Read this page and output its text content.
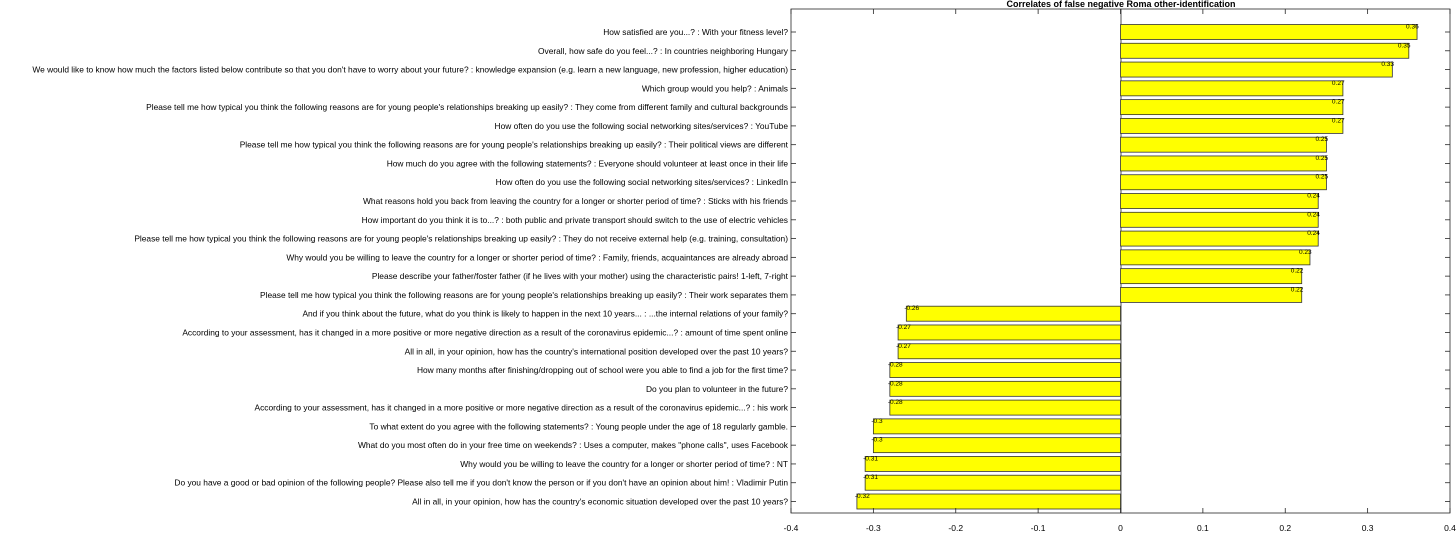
Correlates of false negative Roma other-identification
0.36
How satisfied are you...? : With your fitness level?
0.35
Overall, how safe do you feel...? : In countries neighboring Hungary
0.33
We would like to know how much the factors listed below contribute so that you don't have to worry about your future? : knowledge expansion (e.g. learn a new language, new profession, higher education)
0.27
Which group would you help? : Animals
0.27
Please tell me how typical you think the following reasons are for young people's relationships breaking up easily? : They come from different family and cultural backgrounds
0.27
How often do you use the following social networking sites/services? : YouTube
0.25
Please tell me how typical you think the following reasons are for young people's relationships breaking up easily? : Their political views are different
0.25
How much do you agree with the following statements? : Everyone should volunteer at least once in their life
0.25
How often do you use the following social networking sites/services? : LinkedIn
0.24
What reasons hold you back from leaving the country for a longer or shorter period of time? : Sticks with his friends
0.24
How important do you think it is to...? : both public and private transport should switch to the use of electric vehicles
0.24
Please tell me how typical you think the following reasons are for young people's relationships breaking up easily? : They do not receive external help (e.g. training, consultation)
0.23
Why would you be willing to leave the country for a longer or shorter period of time? : Family, friends, acquaintances are already abroad
0.22
Please describe your father/foster father (if he lives with your mother) using the characteristic pairs! 1-left, 7-right
0.22
Please tell me how typical you think the following reasons are for young people's relationships breaking up easily? : Their work separates them
-0.26
And if you think about the future, what do you think is likely to happen in the next 10 years... : ...the internal relations of your family?
-0.27
According to your assessment, has it changed in a more positive or more negative direction as a result of the coronavirus epidemic...? : amount of time spent online
-0.27
All in all, in your opinion, how has the country's international position developed over the past 10 years?
-0.28
How many months after finishing/dropping out of school were you able to find a job for the first time?
-0.28
Do you plan to volunteer in the future?
-0.28
According to your assessment, has it changed in a more positive or more negative direction as a result of the coronavirus epidemic...? : his work
-0.3
To what extent do you agree with the following statements? : Young people under the age of 18 regularly gamble.
-0.3
What do you most often do in your free time on weekends? : Uses a computer, makes "phone calls", uses Facebook
-0.31
Why would you be willing to leave the country for a longer or shorter period of time? : NT
-0.31
Do you have a good or bad opinion of the following people? Please also tell me if you don't know the person or if you don't have an opinion about him! : Vladimir Putin
-0.32
All in all, in your opinion, how has the country's economic situation developed over the past 10 years?
-0.4	-0.3	-0.2	-0.1	0	0.1	0.2	0.3	0.4
